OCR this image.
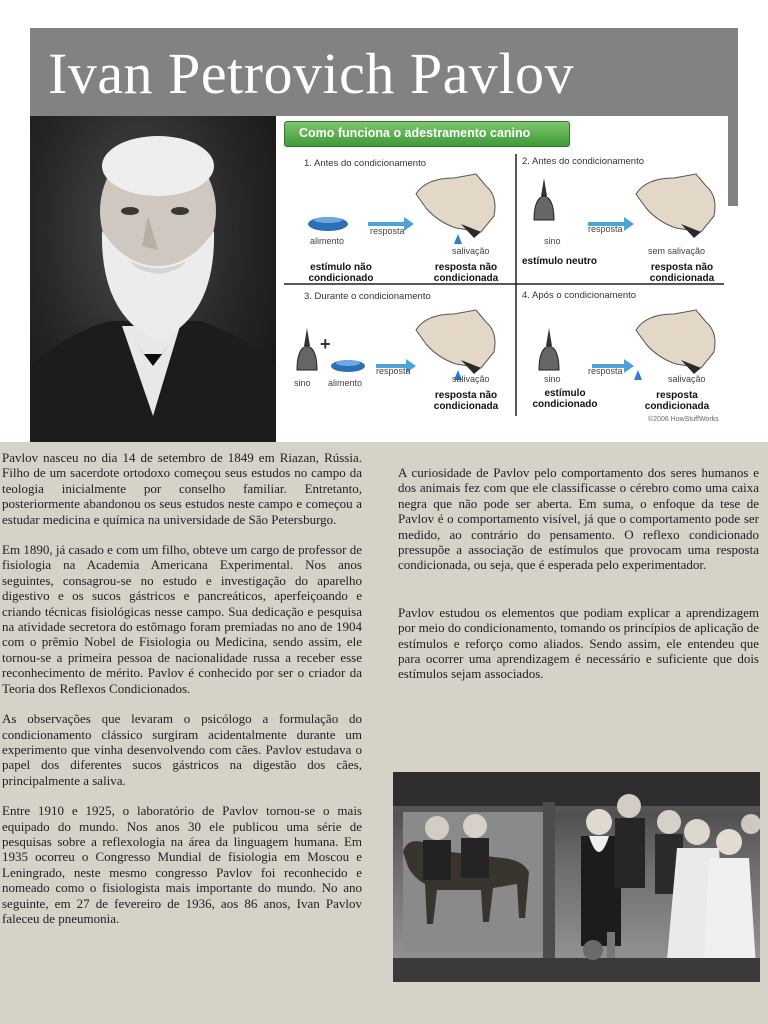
Ivan Petrovich Pavlov
Como funciona o adestramento canino
1. Antes do condicionamento	2. Antes do condicionamento
3. Durante o condicionamento	4. Após o condicionamento
alimento
resposta
salivação
estímulo não
condicionado
resposta não
condicionada
sino
resposta
sem salivação
estímulo neutro
resposta não
condicionada
+
sino alimento
resposta
salivação
resposta não
condicionada
sino
resposta
salivação
estímulo
condicionado
resposta
condicionada
©2006 HowStuffWorks

Pavlov nasceu no dia 14 de setembro de 1849 em Riazan, Rússia. Filho de um sacerdote ortodoxo começou seus estudos no campo da teologia inicialmente por conselho familiar. Entretanto, posteriormente abandonou os seus estudos neste campo e começou a estudar medicina e química na universidade de São Petersburgo.

Em 1890, já casado e com um filho, obteve um cargo de professor de fisiologia na Academia Americana Experimental. Nos anos seguintes, consagrou-se no estudo e investigação do aparelho digestivo e os sucos gástricos e pancreáticos, aperfeiçoando e criando técnicas fisiológicas nesse campo. Sua dedicação e pesquisa na atividade secretora do estômago foram premiadas no ano de 1904 com o prêmio Nobel de Fisiologia ou Medicina, sendo assim, ele tornou-se a primeira pessoa de nacionalidade russa a receber esse reconhecimento de mérito. Pavlov é conhecido por ser o criador da Teoria dos Reflexos Condicionados.

As observações que levaram o psicólogo a formulação do condicionamento clássico surgiram acidentalmente durante um experimento que vinha desenvolvendo com cães. Pavlov estudava o papel dos diferentes sucos gástricos na digestão dos cães, principalmente a saliva.

Entre 1910 e 1925, o laboratório de Pavlov tornou-se o mais equipado do mundo. Nos anos 30 ele publicou uma série de pesquisas sobre a reflexologia na área da linguagem humana. Em 1935 ocorreu o Congresso Mundial de fisiologia em Moscou e Leningrado, neste mesmo congresso Pavlov foi reconhecido e nomeado como o fisiologista mais importante do mundo. No ano seguinte, em 27 de fevereiro de 1936, aos 86 anos, Ivan Pavlov faleceu de pneumonia.

A curiosidade de Pavlov pelo comportamento dos seres humanos e dos animais fez com que ele classificasse o cérebro como uma caixa negra que não pode ser aberta. Em suma, o enfoque da tese de Pavlov é o comportamento visível, já que o comportamento pode ser medido, ao contrário do pensamento. O reflexo condicionado pressupõe a associação de estímulos que provocam uma resposta condicionada, ou seja, que é esperada pelo experimentador.

Pavlov estudou os elementos que podiam explicar a aprendizagem por meio do condicionamento, tomando os princípios de aplicação de estímulos e reforço como aliados. Sendo assim, ele entendeu que para ocorrer uma aprendizagem é necessário e suficiente que dois estímulos sejam associados.
